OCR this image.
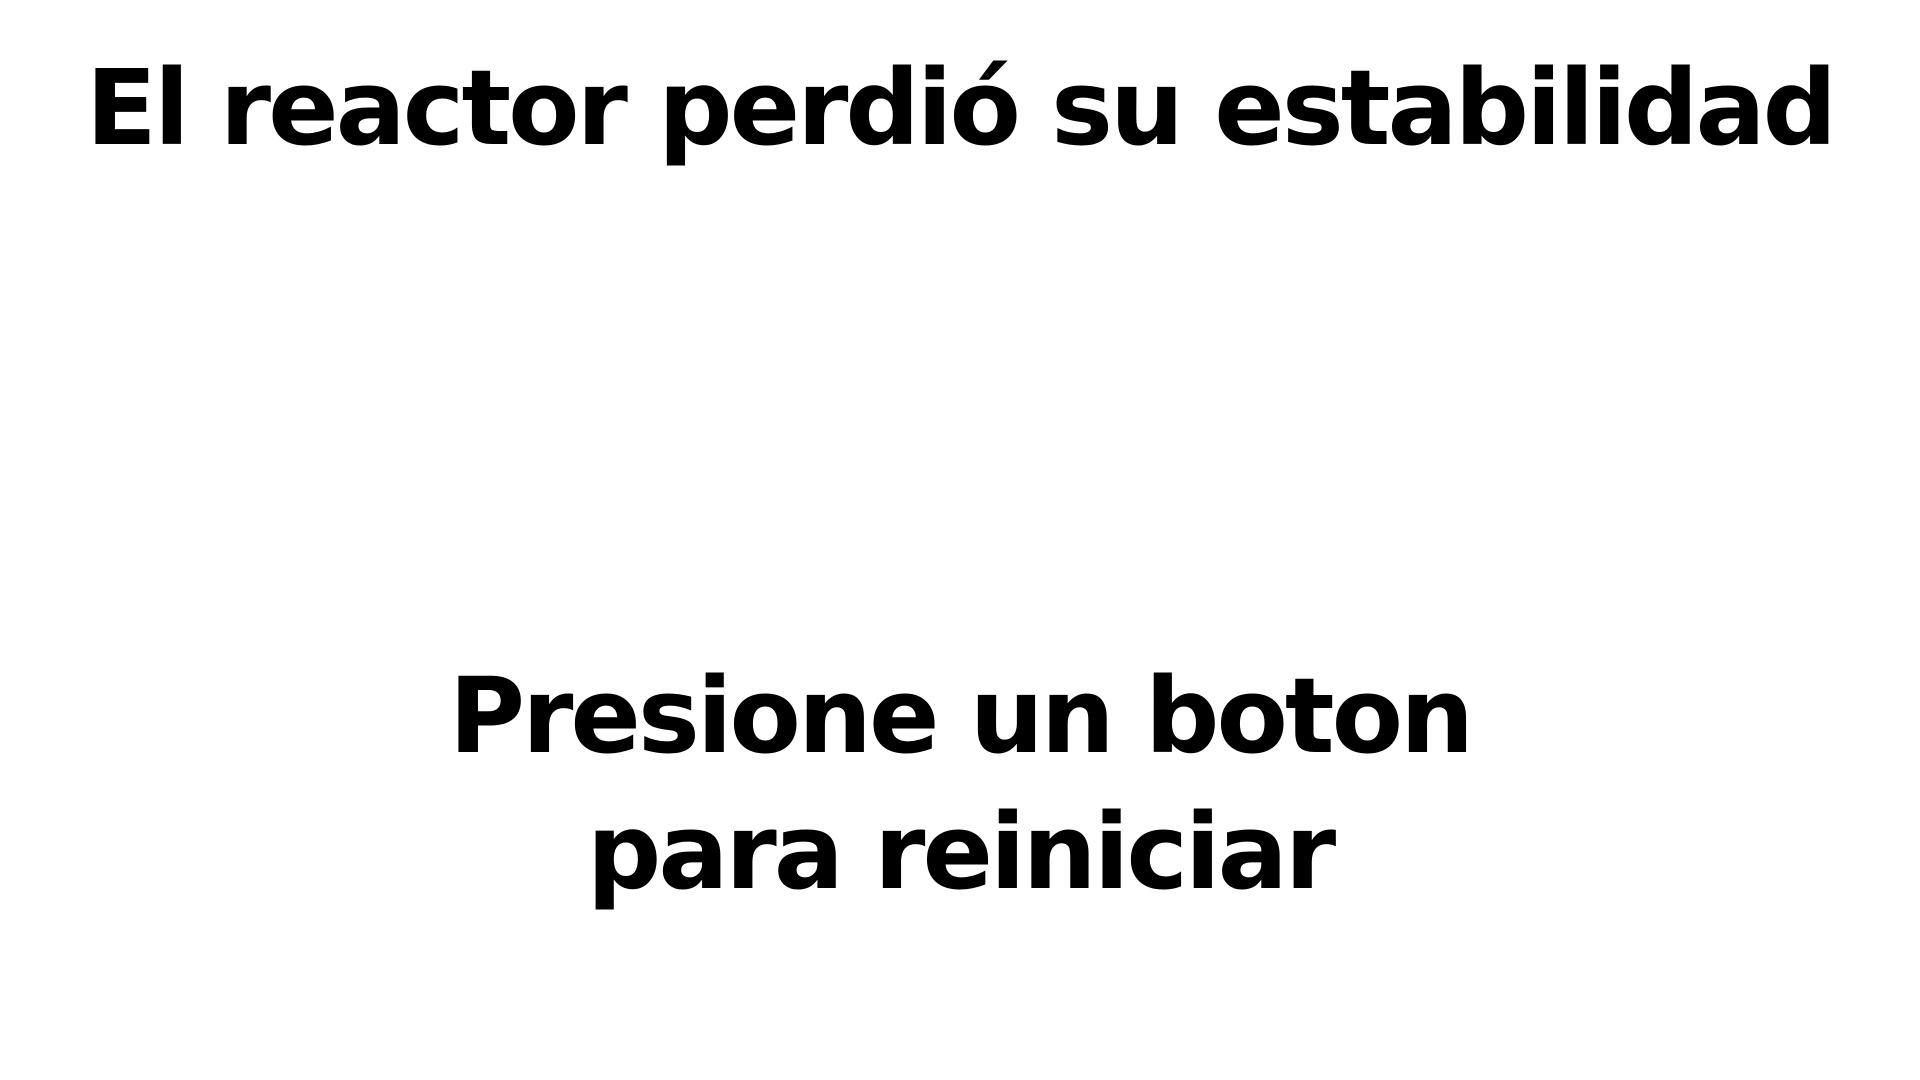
El reactor perdió su estabilidad
Presione un boton
para reiniciar
